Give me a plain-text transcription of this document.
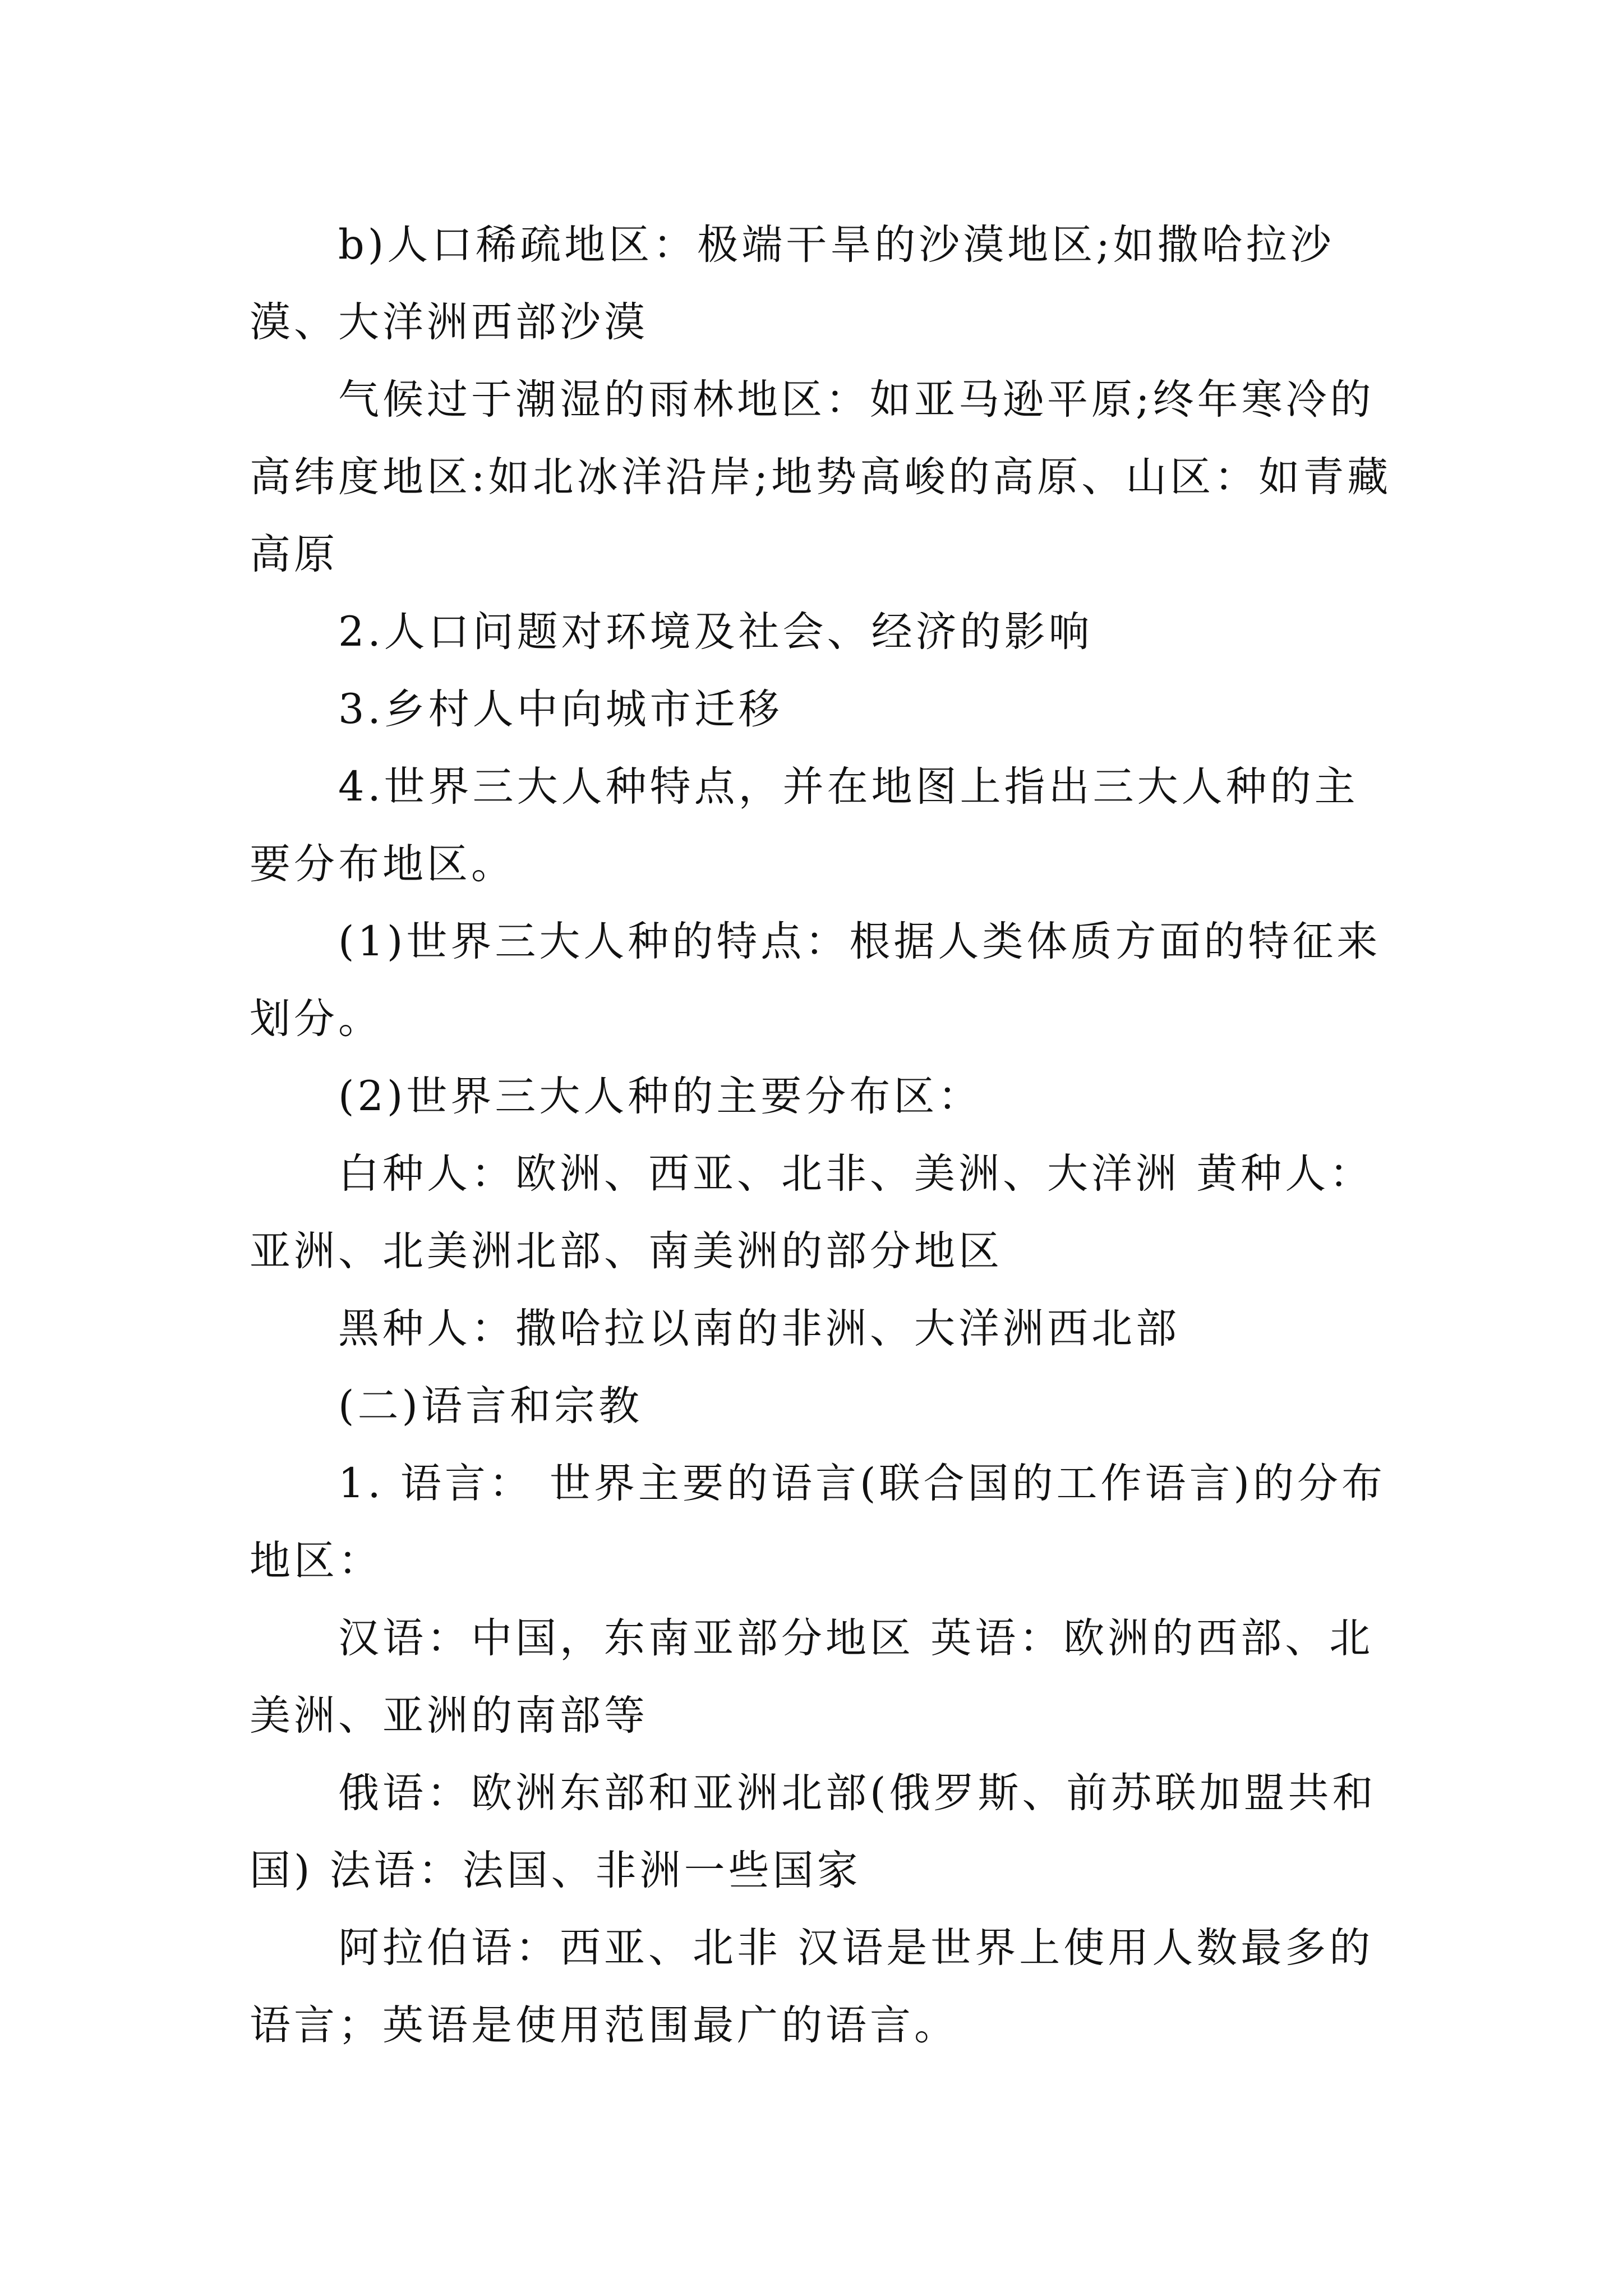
b)人口稀疏地区：极端干旱的沙漠地区;如撒哈拉沙漠、大洋洲西部沙漠

气候过于潮湿的雨林地区：如亚马逊平原;终年寒冷的高纬度地区:如北冰洋沿岸;地势高峻的高原、山区：如青藏高原

2.人口问题对环境及社会、经济的影响

3.乡村人中向城市迁移

4.世界三大人种特点，并在地图上指出三大人种的主要分布地区。

(1)世界三大人种的特点：根据人类体质方面的特征来划分。

(2)世界三大人种的主要分布区：

白种人：欧洲、西亚、北非、美洲、大洋洲 黄种人：亚洲、北美洲北部、南美洲的部分地区

黑种人：撒哈拉以南的非洲、大洋洲西北部

(二)语言和宗教

1. 语言： 世界主要的语言(联合国的工作语言)的分布地区：

汉语：中国，东南亚部分地区 英语：欧洲的西部、北美洲、亚洲的南部等

俄语：欧洲东部和亚洲北部(俄罗斯、前苏联加盟共和国) 法语：法国、非洲一些国家

阿拉伯语：西亚、北非 汉语是世界上使用人数最多的语言；英语是使用范围最广的语言。
